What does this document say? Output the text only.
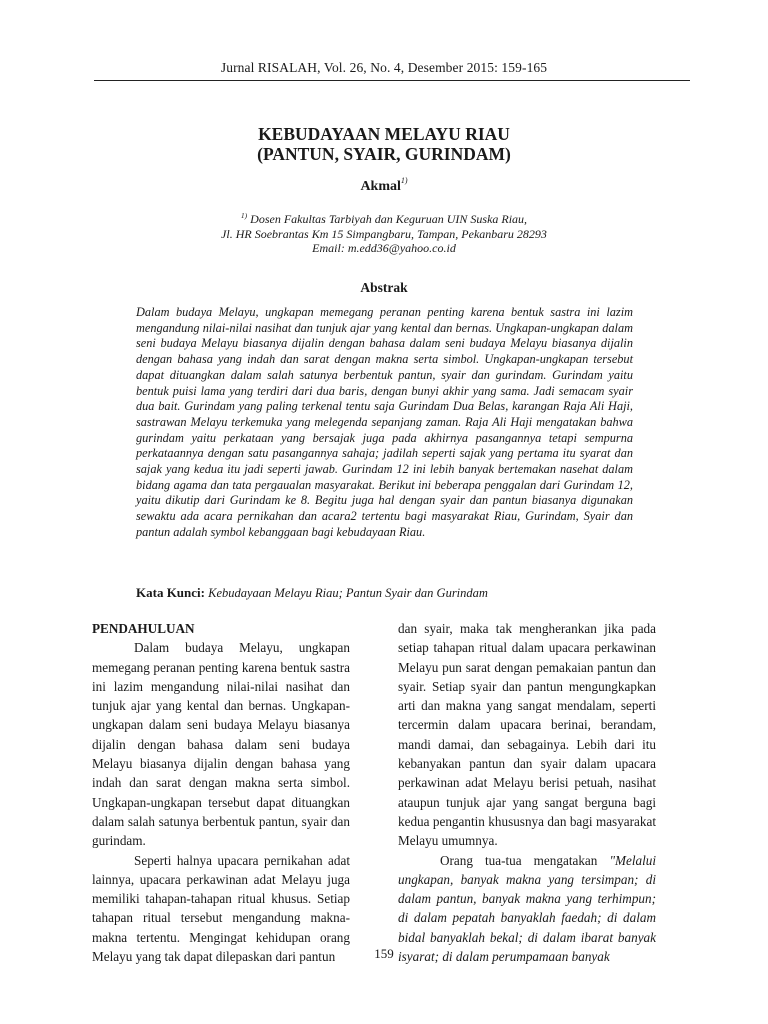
Jurnal RISALAH, Vol. 26, No. 4, Desember 2015: 159-165
KEBUDAYAAN MELAYU RIAU
(PANTUN, SYAIR, GURINDAM)
Akmal$^{1)}$
$^{1)}$ Dosen Fakultas Tarbiyah dan Keguruan UIN Suska Riau,
Jl. HR Soebrantas Km 15 Simpangbaru, Tampan, Pekanbaru 28293
Email: m.edd36@yahoo.co.id
Abstrak

Dalam budaya Melayu, ungkapan memegang peranan penting karena bentuk sastra ini lazim mengandung nilai-nilai nasihat dan tunjuk ajar yang kental dan bernas. Ungkapan-ungkapan dalam seni budaya Melayu biasanya dijalin dengan bahasa dalam seni budaya Melayu biasanya dijalin dengan bahasa yang indah dan sarat dengan makna serta simbol. Ungkapan-ungkapan tersebut dapat dituangkan dalam salah satunya berbentuk pantun, syair dan gurindam. Gurindam yaitu bentuk puisi lama yang terdiri dari dua baris, dengan bunyi akhir yang sama. Jadi semacam syair dua bait. Gurindam yang paling terkenal tentu saja Gurindam Dua Belas, karangan Raja Ali Haji, sastrawan Melayu terkemuka yang melegenda sepanjang zaman. Raja Ali Haji mengatakan bahwa gurindam yaitu perkataan yang bersajak juga pada akhirnya pasangannya tetapi sempurna perkataannya dengan satu pasangannya sahaja; jadilah seperti sajak yang pertama itu syarat dan sajak yang kedua itu jadi seperti jawab. Gurindam 12 ini lebih banyak bertemakan nasehat dalam bidang agama dan tata pergaualan masyarakat. Berikut ini beberapa penggalan dari Gurindam 12, yaitu dikutip dari Gurindam ke 8. Begitu juga hal dengan syair dan pantun biasanya digunakan sewaktu ada acara pernikahan dan acara2 tertentu bagi masyarakat Riau, Gurindam, Syair dan pantun adalah symbol kebanggaan bagi kebudayaan Riau.

Kata Kunci: Kebudayaan Melayu Riau; Pantun Syair dan Gurindam
PENDAHULUAN

Dalam budaya Melayu, ungkapan memegang peranan penting karena bentuk sastra ini lazim mengandung nilai-nilai nasihat dan tunjuk ajar yang kental dan bernas. Ungkapan-ungkapan dalam seni budaya Melayu biasanya dijalin dengan bahasa dalam seni budaya Melayu biasanya dijalin dengan bahasa yang indah dan sarat dengan makna serta simbol. Ungkapan-ungkapan tersebut dapat dituangkan dalam salah satunya berbentuk pantun, syair dan gurindam.

Seperti halnya upacara pernikahan adat lainnya, upacara perkawinan adat Melayu juga memiliki tahapan-tahapan ritual khusus. Setiap tahapan ritual tersebut mengandung makna-makna tertentu. Mengingat kehidupan orang Melayu yang tak dapat dilepaskan dari pantun

dan syair, maka tak mengherankan jika pada setiap tahapan ritual dalam upacara perkawinan Melayu pun sarat dengan pemakaian pantun dan syair. Setiap syair dan pantun mengungkapkan arti dan makna yang sangat mendalam, seperti tercermin dalam upacara berinai, berandam, mandi damai, dan sebagainya. Lebih dari itu kebanyakan pantun dan syair dalam upacara perkawinan adat Melayu berisi petuah, nasihat ataupun tunjuk ajar yang sangat berguna bagi kedua pengantin khususnya dan bagi masyarakat Melayu umumnya.

Orang tua-tua mengatakan "Melalui ungkapan, banyak makna yang tersimpan; di dalam pantun, banyak makna yang terhimpun; di dalam pepatah banyaklah faedah; di dalam bidal banyaklah bekal; di dalam ibarat banyak isyarat; di dalam perumpamaan banyak

159
